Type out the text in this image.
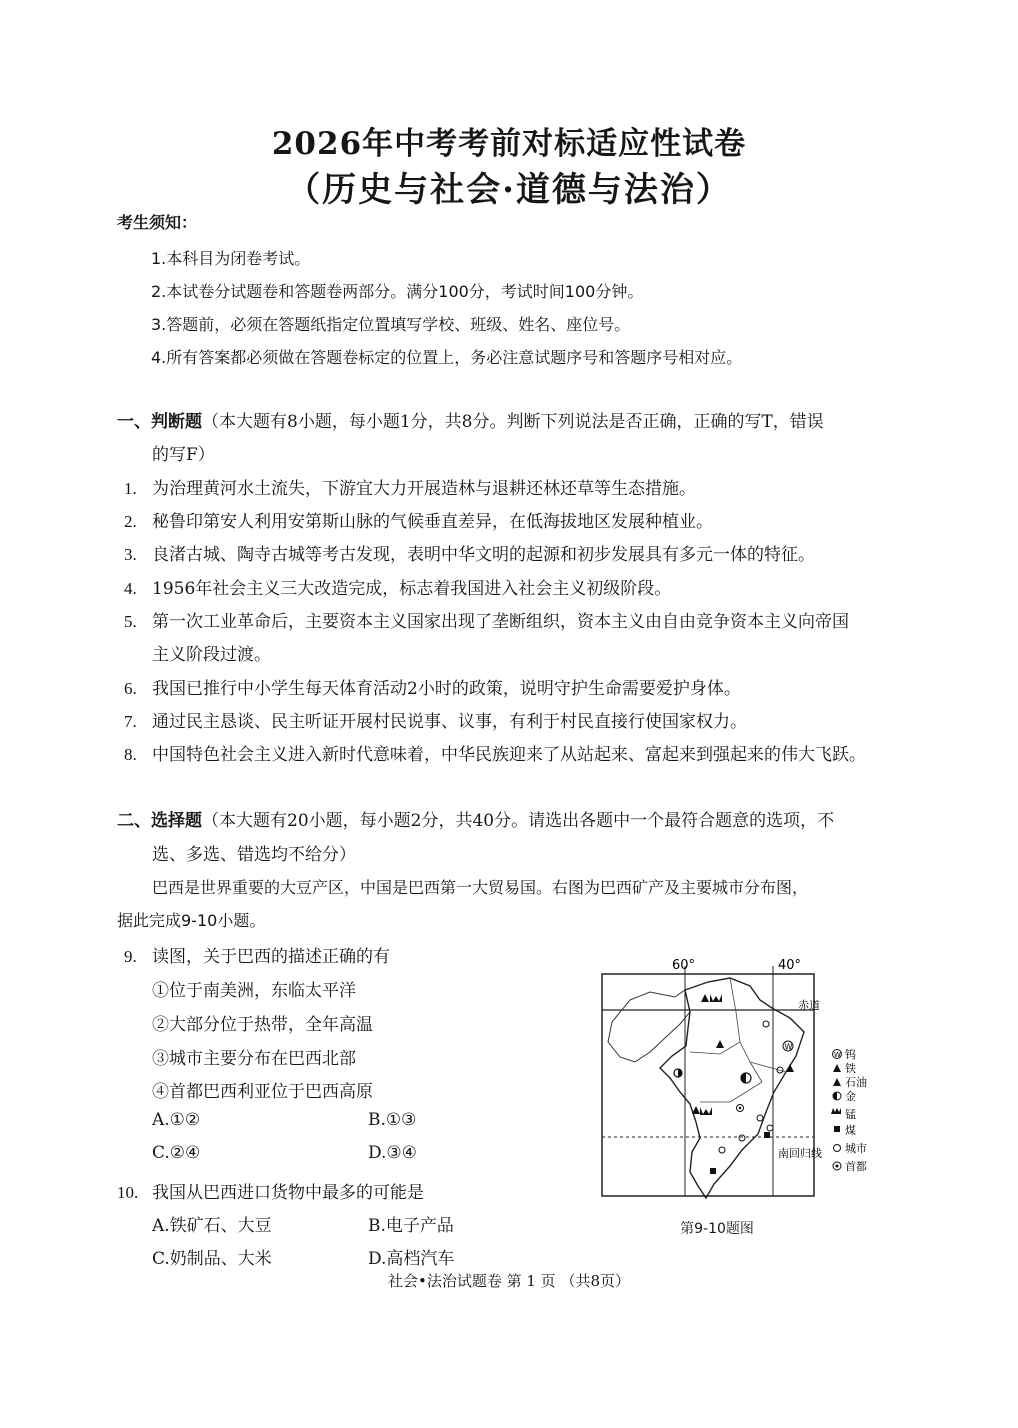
2026年中考考前对标适应性试卷
（历史与社会·道德与法治）
考生须知：
1.本科目为闭卷考试。
2.本试卷分试题卷和答题卷两部分。满分100分，考试时间100分钟。
3.答题前，必须在答题纸指定位置填写学校、班级、姓名、座位号。
4.所有答案都必须做在答题卷标定的位置上，务必注意试题序号和答题序号相对应。
一、判断题（本大题有8小题，每小题1分，共8分。判断下列说法是否正确，正确的写T，错误
的写F）
1. 为治理黄河水土流失，下游宜大力开展造林与退耕还林还草等生态措施。
2. 秘鲁印第安人利用安第斯山脉的气候垂直差异，在低海拔地区发展种植业。
3. 良渚古城、陶寺古城等考古发现，表明中华文明的起源和初步发展具有多元一体的特征。
4. 1956年社会主义三大改造完成，标志着我国进入社会主义初级阶段。
5. 第一次工业革命后，主要资本主义国家出现了垄断组织，资本主义由自由竞争资本主义向帝国
主义阶段过渡。
6. 我国已推行中小学生每天体育活动2小时的政策，说明守护生命需要爱护身体。
7. 通过民主恳谈、民主听证开展村民说事、议事，有利于村民直接行使国家权力。
8. 中国特色社会主义进入新时代意味着，中华民族迎来了从站起来、富起来到强起来的伟大飞跃。
二、选择题（本大题有20小题，每小题2分，共40分。请选出各题中一个最符合题意的选项，不
选、多选、错选均不给分）
巴西是世界重要的大豆产区，中国是巴西第一大贸易国。右图为巴西矿产及主要城市分布图，
据此完成9-10小题。
9. 读图，关于巴西的描述正确的有
①位于南美洲，东临太平洋
②大部分位于热带，全年高温
③城市主要分布在巴西北部
④首都巴西利亚位于巴西高原
A.①②	B.①③
C.②④	D.③④
10. 我国从巴西进口货物中最多的可能是
A.铁矿石、大豆	B.电子产品
C.奶制品、大米	D.高档汽车
60°	40°
赤道
南回归线
W
W 钨
铁
石油
金
锰
煤
城市
首都
第9-10题图
社会•法治试题卷 第 1 页 （共8页）
